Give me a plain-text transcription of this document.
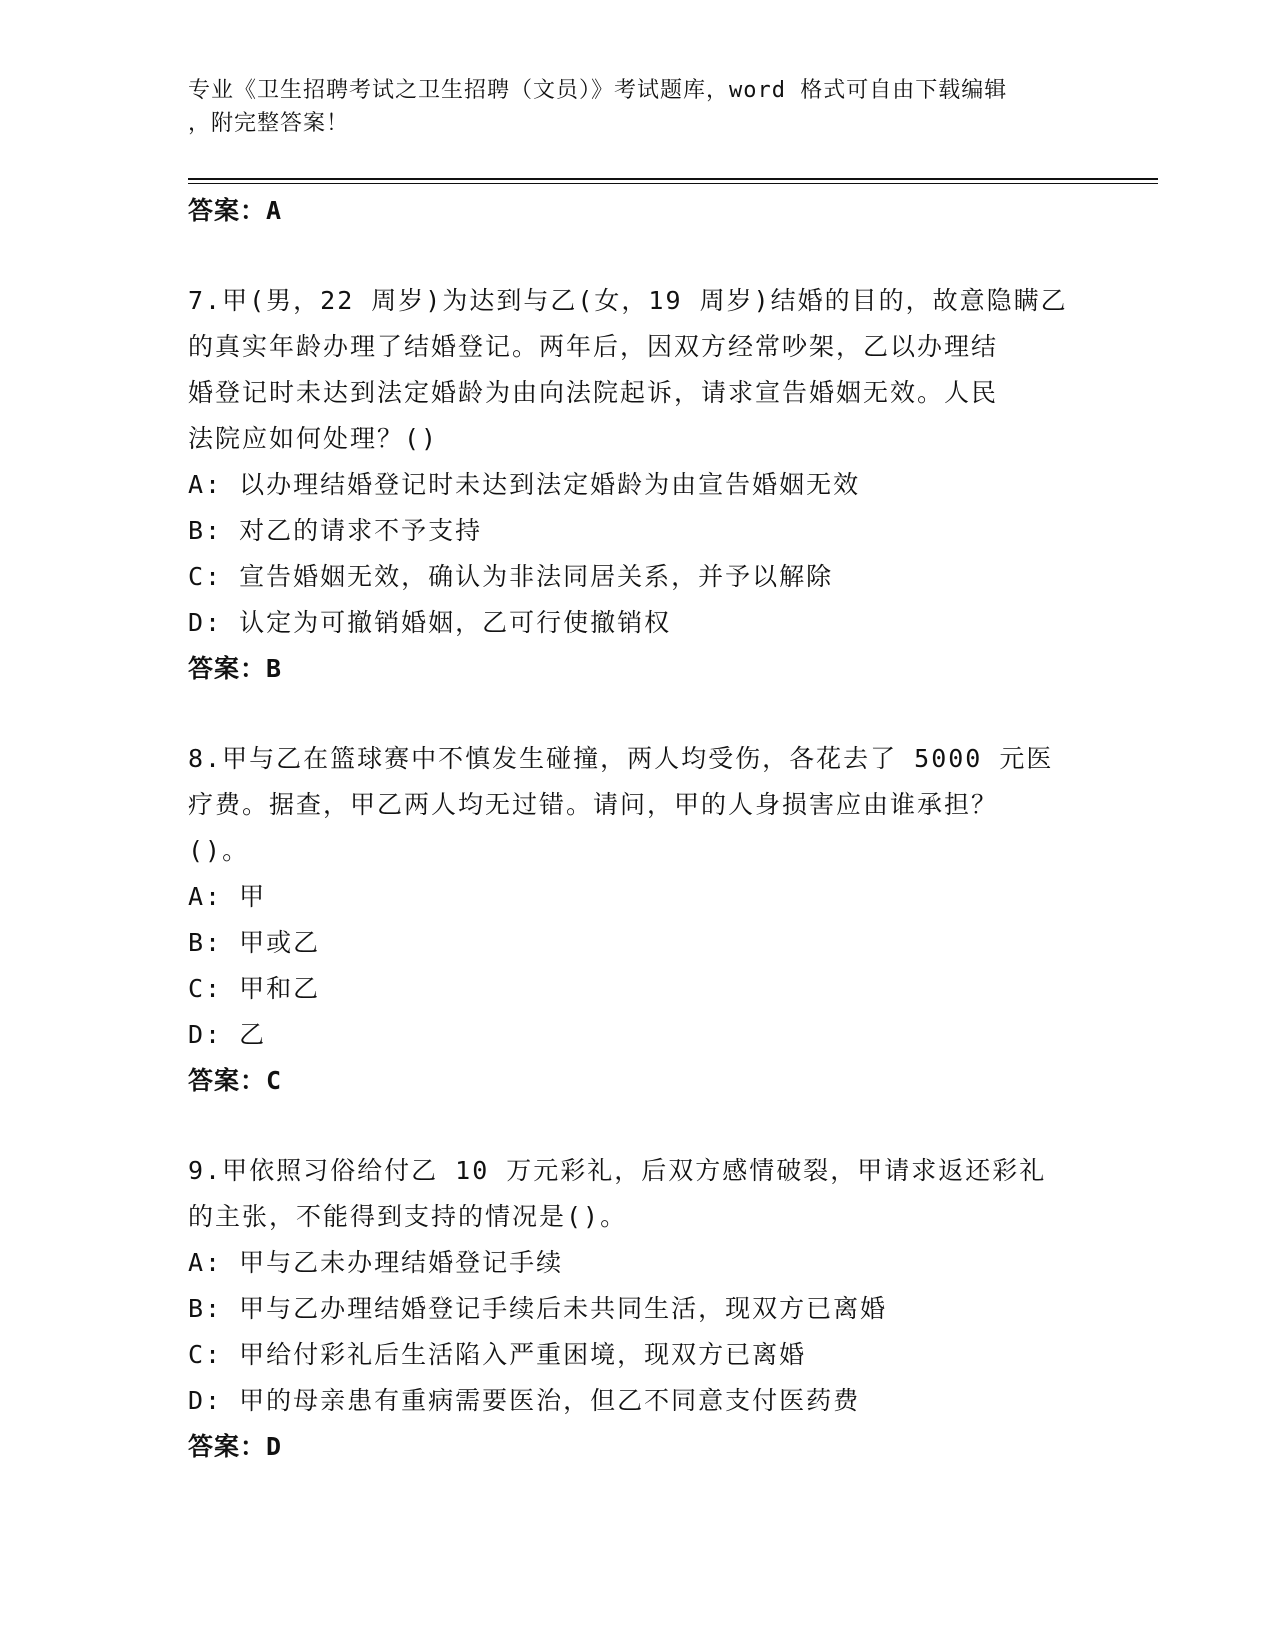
专业《卫生招聘考试之卫生招聘（文员）》考试题库，word 格式可自由下载编辑
，附完整答案！
答案：A
7.甲(男，22 周岁)为达到与乙(女，19 周岁)结婚的目的，故意隐瞒乙
的真实年龄办理了结婚登记。两年后，因双方经常吵架，乙以办理结
婚登记时未达到法定婚龄为由向法院起诉，请求宣告婚姻无效。人民
法院应如何处理？()
A: 以办理结婚登记时未达到法定婚龄为由宣告婚姻无效
B: 对乙的请求不予支持
C: 宣告婚姻无效，确认为非法同居关系，并予以解除
D: 认定为可撤销婚姻，乙可行使撤销权
答案：B
8.甲与乙在篮球赛中不慎发生碰撞，两人均受伤，各花去了 5000 元医
疗费。据查，甲乙两人均无过错。请问，甲的人身损害应由谁承担？
()。
A: 甲
B: 甲或乙
C: 甲和乙
D: 乙
答案：C
9.甲依照习俗给付乙 10 万元彩礼，后双方感情破裂，甲请求返还彩礼
的主张，不能得到支持的情况是()。
A: 甲与乙未办理结婚登记手续
B: 甲与乙办理结婚登记手续后未共同生活，现双方已离婚
C: 甲给付彩礼后生活陷入严重困境，现双方已离婚
D: 甲的母亲患有重病需要医治，但乙不同意支付医药费
答案：D
